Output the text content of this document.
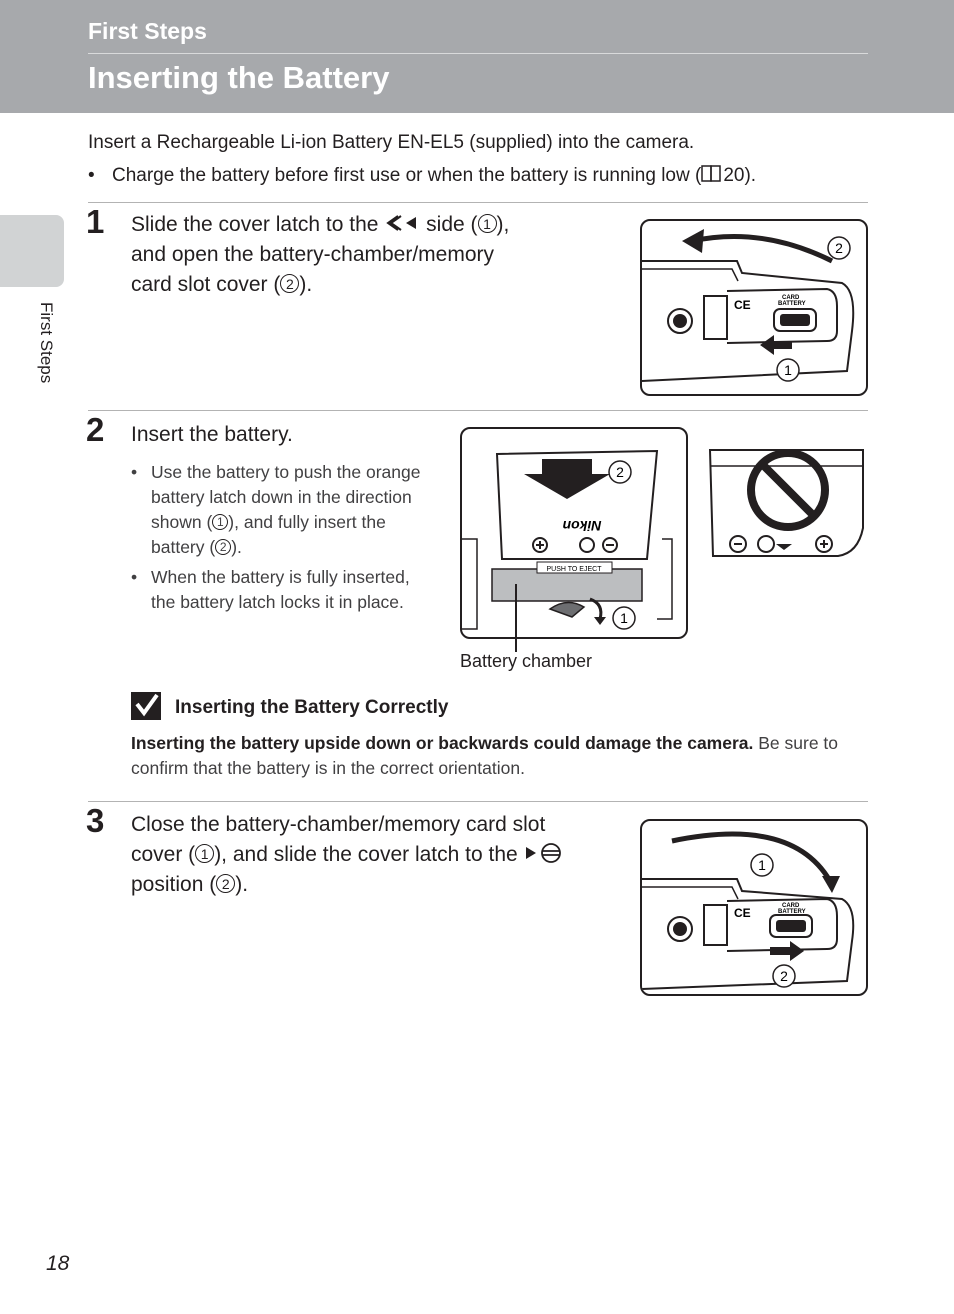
First Steps
Inserting the Battery
First Steps
Insert a Rechargeable Li-ion Battery EN-EL5 (supplied) into the camera.
• Charge the battery before first use or when the battery is running low ( 20).
1 Slide the cover latch to the side ( 1 ),
and open the battery-chamber/memory
card slot cover ( 2 ).
CE	CARD
BATTERY
2
1
2 Insert the battery.
• Use the battery to push the orange battery latch down in the direction shown ( 1 ), and fully insert the battery ( 2 ).
• When the battery is fully inserted, the battery latch locks it in place.
Nikon
PUSH TO EJECT
2
1
Battery chamber
Inserting the Battery Correctly
Inserting the battery upside down or backwards could damage the camera. Be sure to confirm that the battery is in the correct orientation.
3 Close the battery-chamber/memory card slot
cover ( 1 ), and slide the cover latch to the
position ( 2 ).
CE	CARD
BATTERY
1
2
18
